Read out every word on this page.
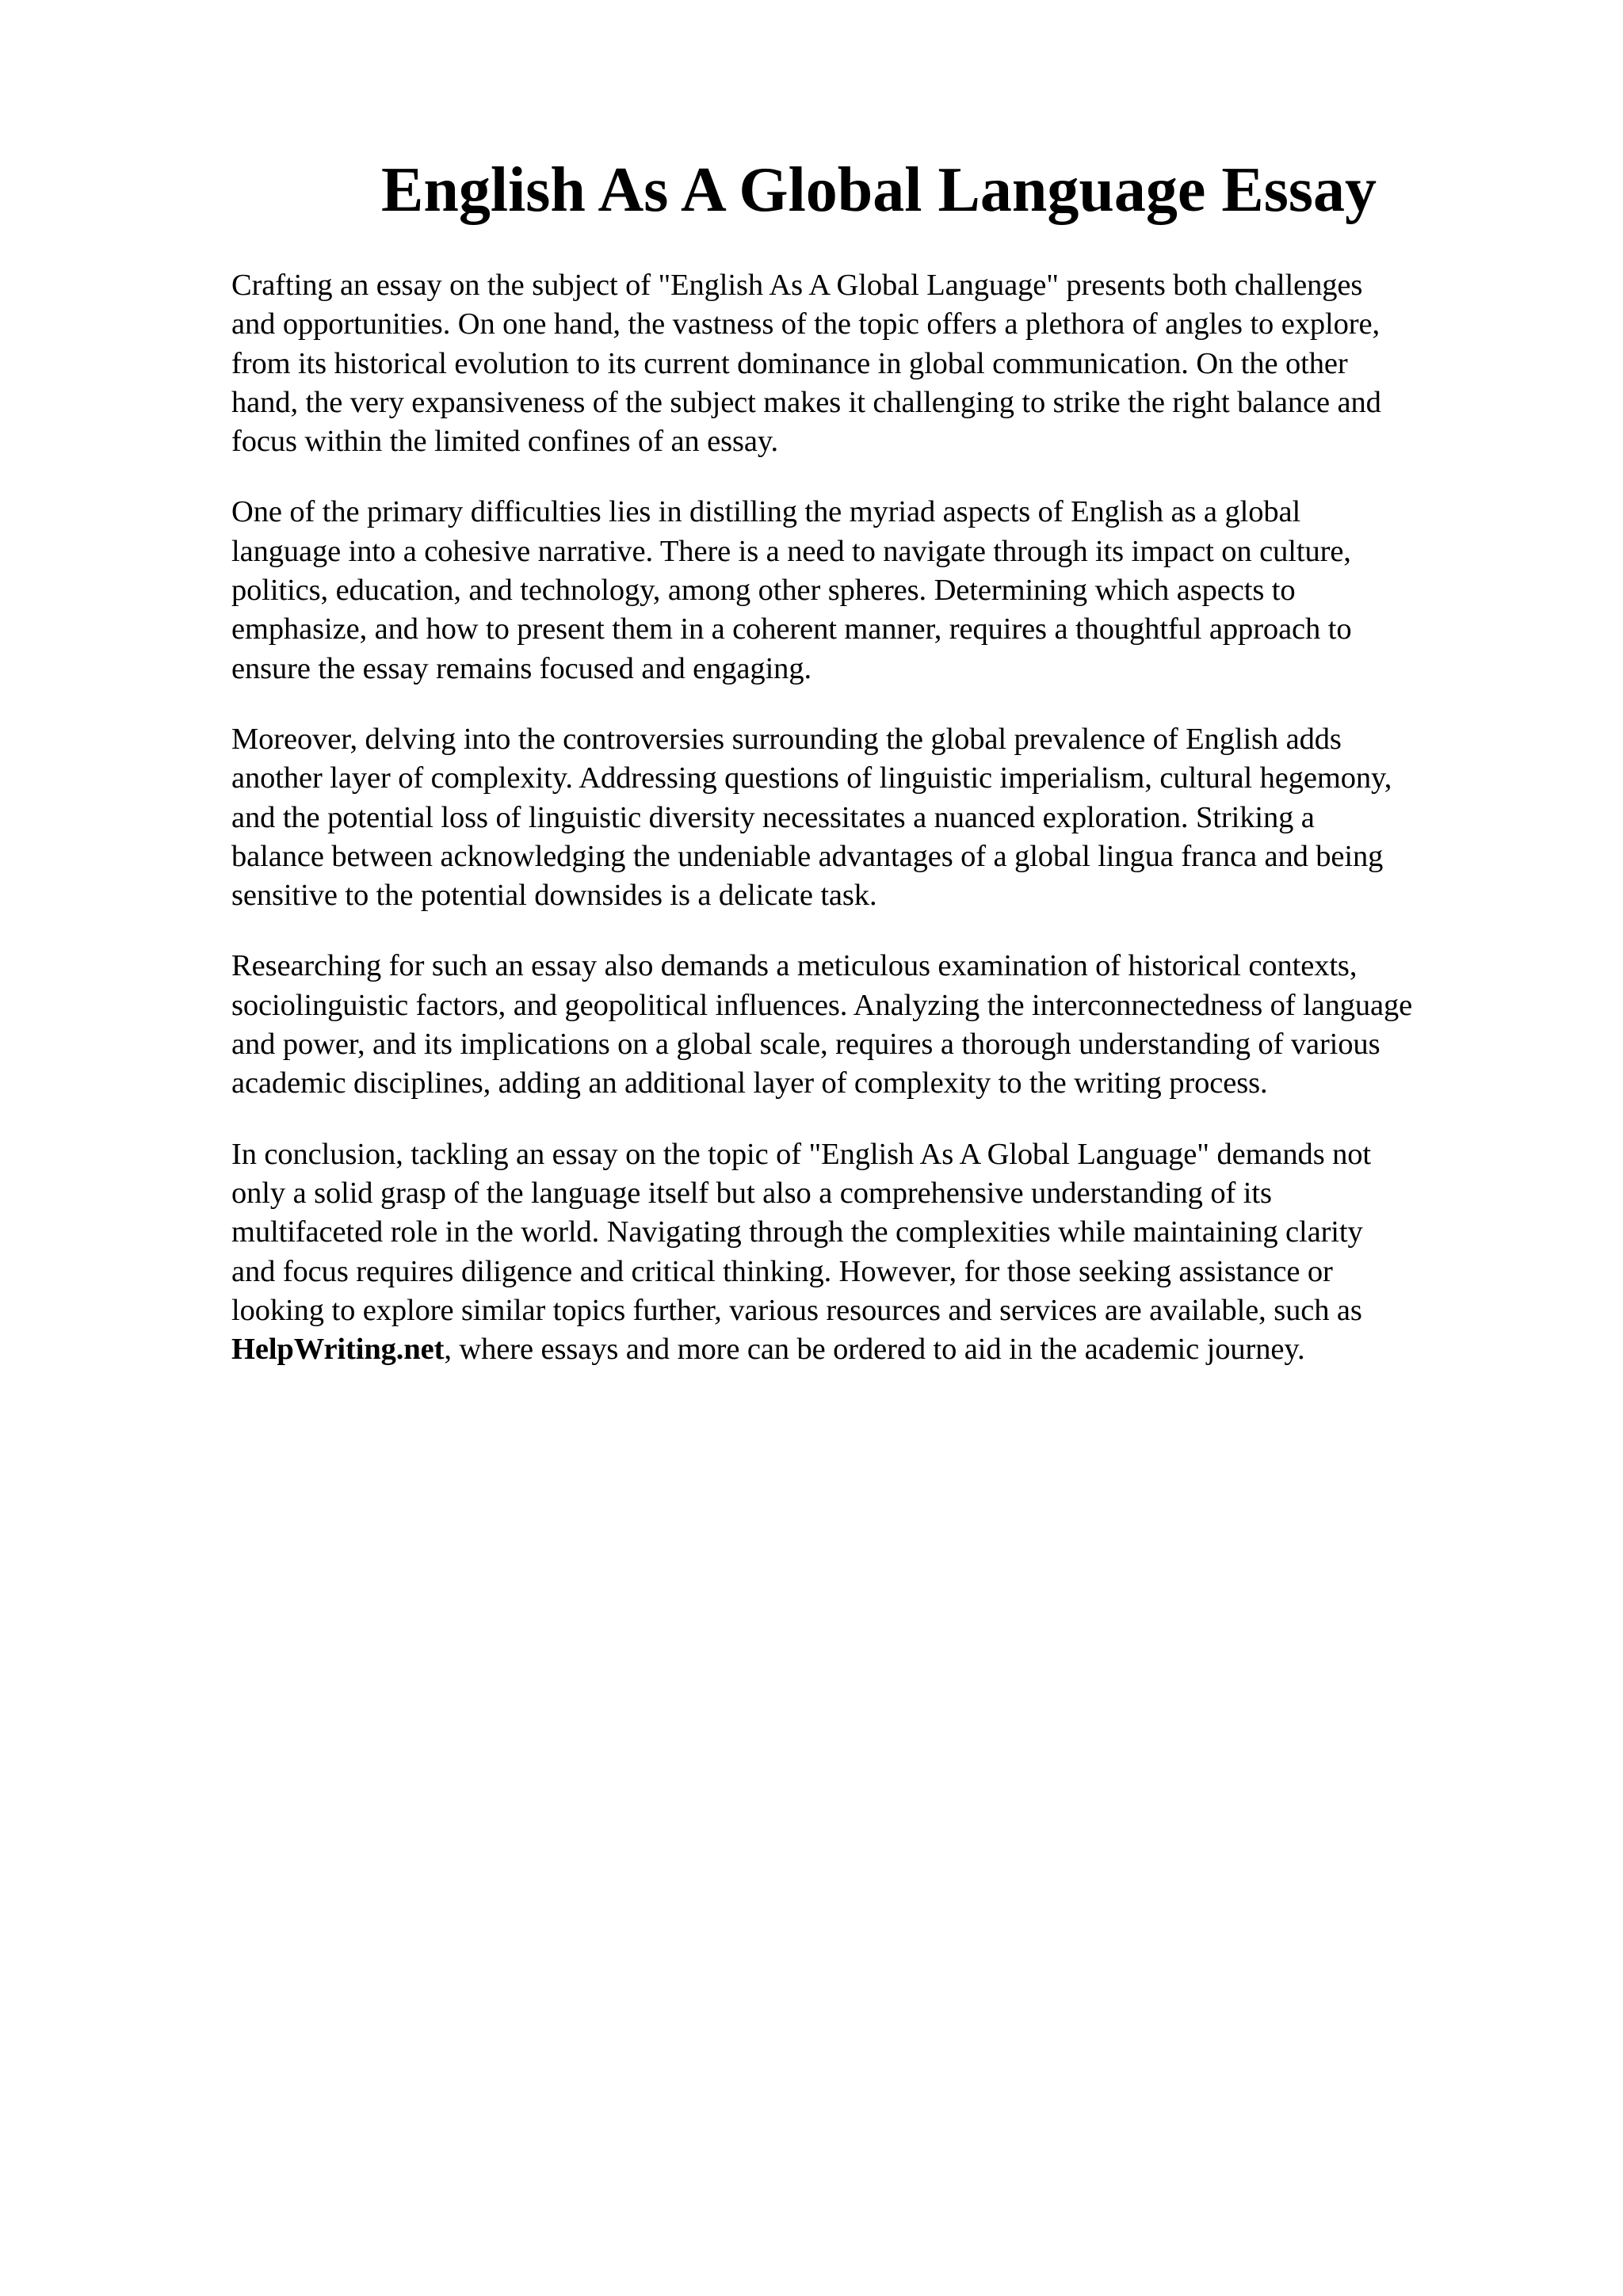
English As A Global Language Essay

Crafting an essay on the subject of "English As A Global Language" presents both challenges
and opportunities. On one hand, the vastness of the topic offers a plethora of angles to explore,
from its historical evolution to its current dominance in global communication. On the other
hand, the very expansiveness of the subject makes it challenging to strike the right balance and
focus within the limited confines of an essay.

One of the primary difficulties lies in distilling the myriad aspects of English as a global
language into a cohesive narrative. There is a need to navigate through its impact on culture,
politics, education, and technology, among other spheres. Determining which aspects to
emphasize, and how to present them in a coherent manner, requires a thoughtful approach to
ensure the essay remains focused and engaging.

Moreover, delving into the controversies surrounding the global prevalence of English adds
another layer of complexity. Addressing questions of linguistic imperialism, cultural hegemony,
and the potential loss of linguistic diversity necessitates a nuanced exploration. Striking a
balance between acknowledging the undeniable advantages of a global lingua franca and being
sensitive to the potential downsides is a delicate task.

Researching for such an essay also demands a meticulous examination of historical contexts,
sociolinguistic factors, and geopolitical influences. Analyzing the interconnectedness of language
and power, and its implications on a global scale, requires a thorough understanding of various
academic disciplines, adding an additional layer of complexity to the writing process.

In conclusion, tackling an essay on the topic of "English As A Global Language" demands not
only a solid grasp of the language itself but also a comprehensive understanding of its
multifaceted role in the world. Navigating through the complexities while maintaining clarity
and focus requires diligence and critical thinking. However, for those seeking assistance or
looking to explore similar topics further, various resources and services are available, such as
HelpWriting.net, where essays and more can be ordered to aid in the academic journey.
